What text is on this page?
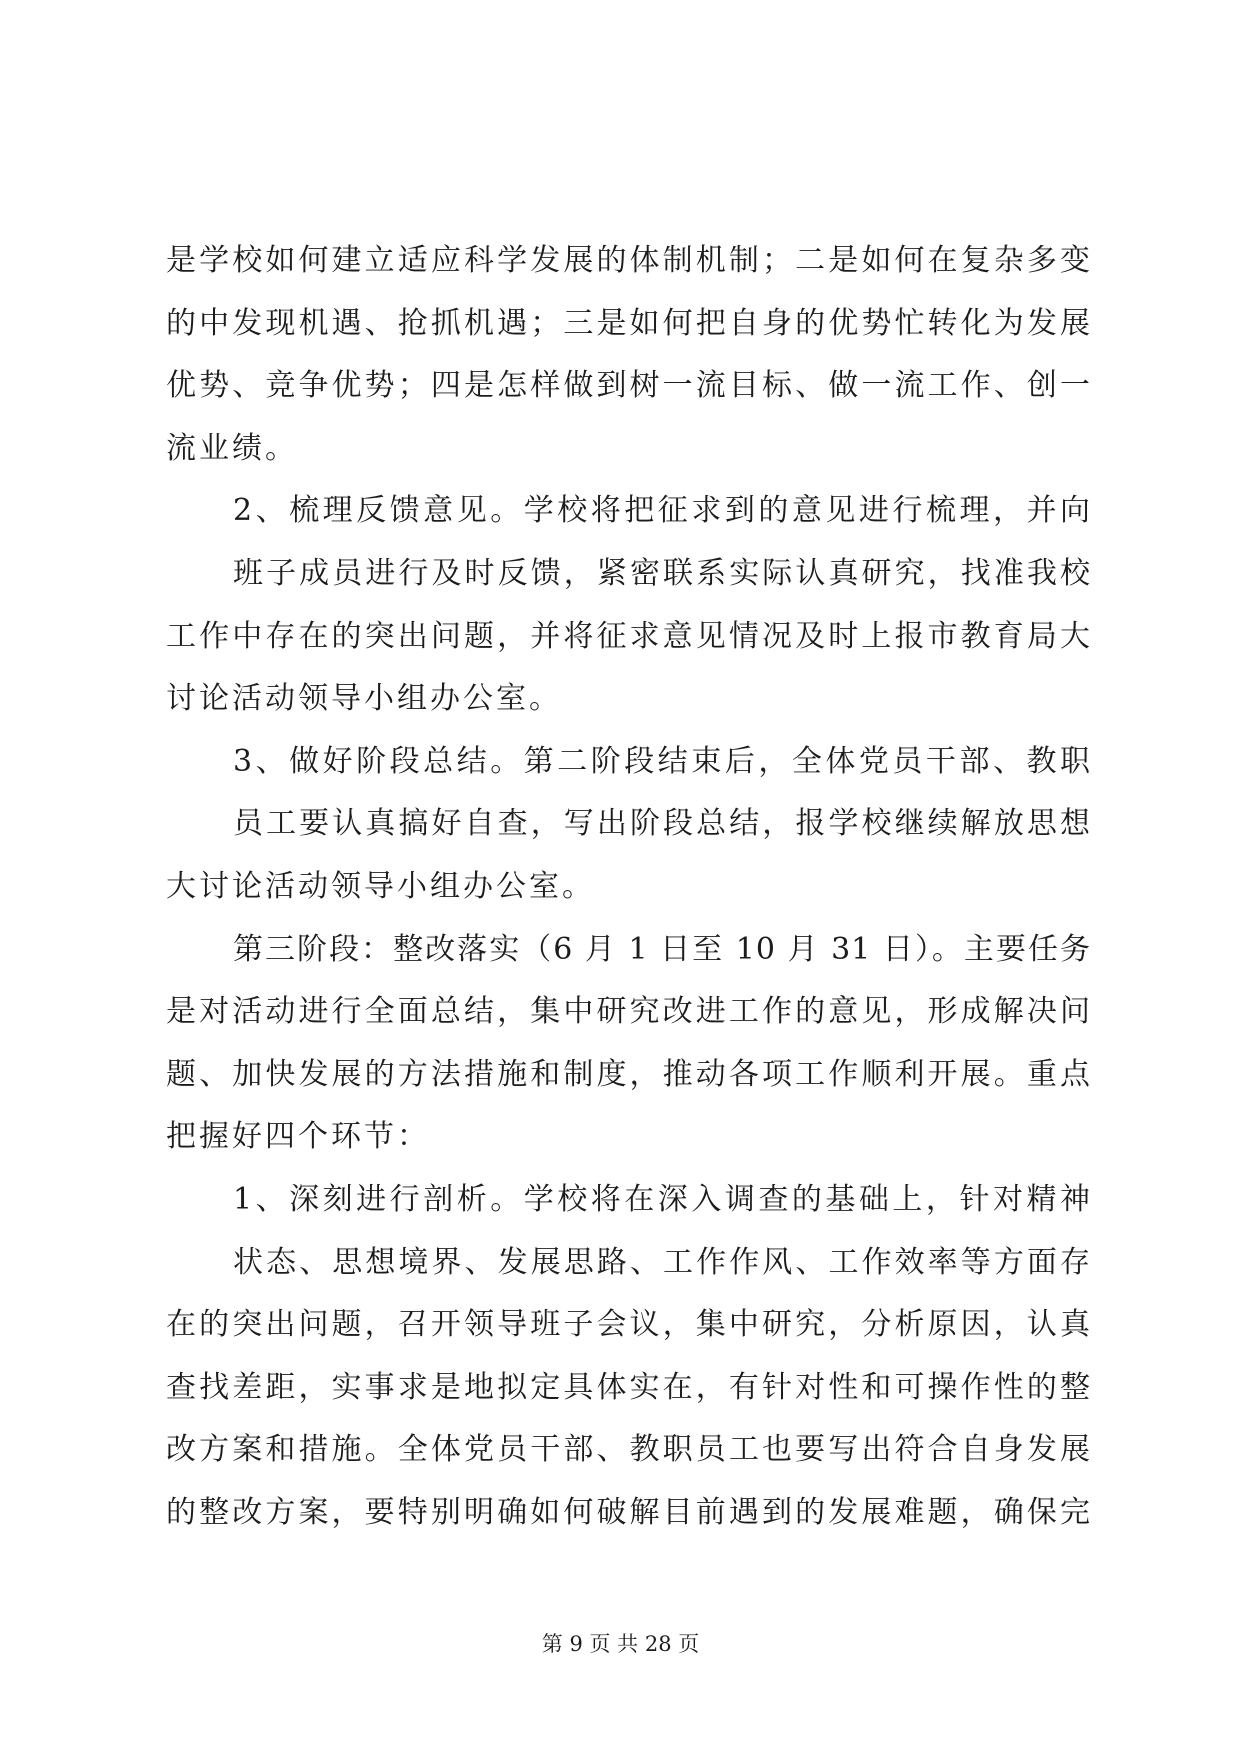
是学校如何建立适应科学发展的体制机制；二是如何在复杂多变
的中发现机遇、抢抓机遇；三是如何把自身的优势忙转化为发展
优势、竞争优势；四是怎样做到树一流目标、做一流工作、创一
流业绩。
2、梳理反馈意见。学校将把征求到的意见进行梳理，并向
班子成员进行及时反馈，紧密联系实际认真研究，找准我校
工作中存在的突出问题，并将征求意见情况及时上报市教育局大
讨论活动领导小组办公室。
3、做好阶段总结。第二阶段结束后，全体党员干部、教职
员工要认真搞好自查，写出阶段总结，报学校继续解放思想
大讨论活动领导小组办公室。
第三阶段：整改落实（6 月 1 日至 10 月 31 日）。主要任务
是对活动进行全面总结，集中研究改进工作的意见，形成解决问
题、加快发展的方法措施和制度，推动各项工作顺利开展。重点
把握好四个环节：
1、深刻进行剖析。学校将在深入调查的基础上，针对精神
状态、思想境界、发展思路、工作作风、工作效率等方面存
在的突出问题，召开领导班子会议，集中研究，分析原因，认真
查找差距，实事求是地拟定具体实在，有针对性和可操作性的整
改方案和措施。全体党员干部、教职员工也要写出符合自身发展
的整改方案，要特别明确如何破解目前遇到的发展难题，确保完
第 9 页 共 28 页
